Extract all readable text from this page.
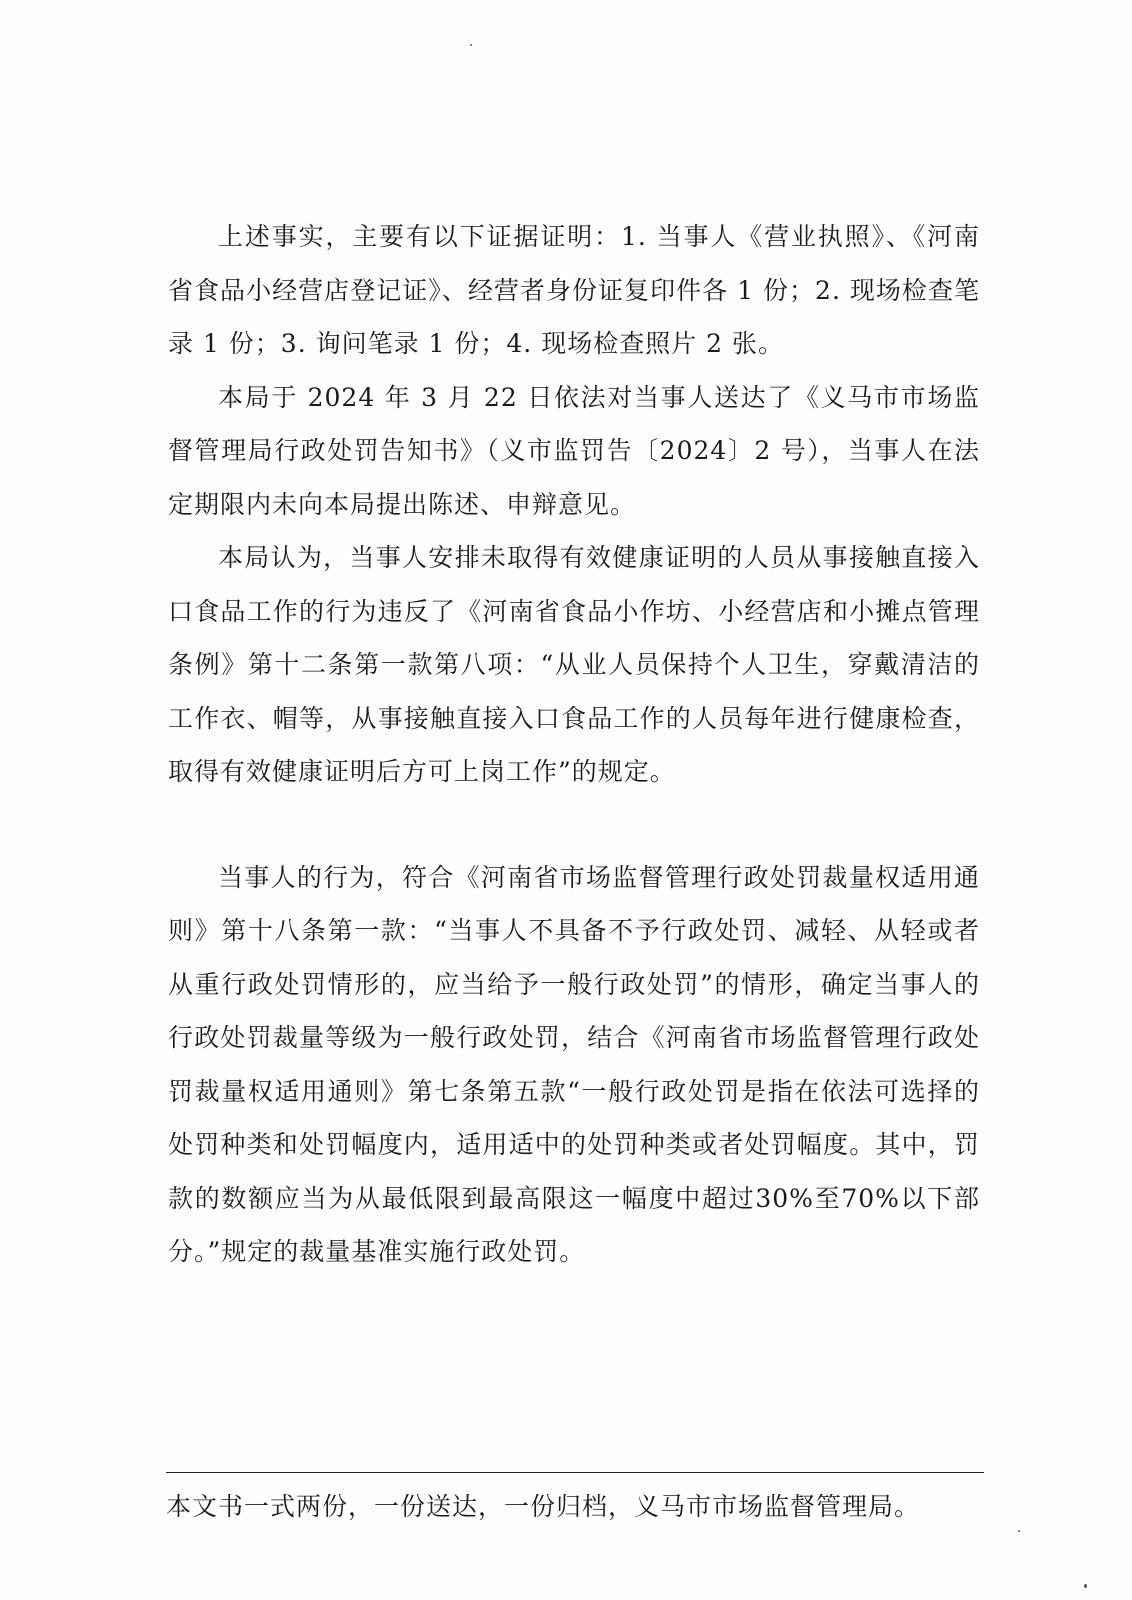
上述事实，主要有以下证据证明：1. 当事人《营业执照》、《河南省食品小经营店登记证》、经营者身份证复印件各 1 份；2. 现场检查笔录 1 份；3. 询问笔录 1 份；4. 现场检查照片 2 张。

本局于 2024 年 3 月 22 日依法对当事人送达了《义马市市场监督管理局行政处罚告知书》（义市监罚告〔2024〕2 号），当事人在法定期限内未向本局提出陈述、申辩意见。

本局认为，当事人安排未取得有效健康证明的人员从事接触直接入口食品工作的行为违反了《河南省食品小作坊、小经营店和小摊点管理条例》第十二条第一款第八项：“从业人员保持个人卫生，穿戴清洁的工作衣、帽等，从事接触直接入口食品工作的人员每年进行健康检查，取得有效健康证明后方可上岗工作”的规定。

当事人的行为，符合《河南省市场监督管理行政处罚裁量权适用通则》第十八条第一款：“当事人不具备不予行政处罚、减轻、从轻或者从重行政处罚情形的，应当给予一般行政处罚”的情形，确定当事人的行政处罚裁量等级为一般行政处罚，结合《河南省市场监督管理行政处罚裁量权适用通则》第七条第五款“一般行政处罚是指在依法可选择的处罚种类和处罚幅度内，适用适中的处罚种类或者处罚幅度。其中，罚款的数额应当为从最低限到最高限这一幅度中超过30%至70%以下部分。”规定的裁量基准实施行政处罚。

本文书一式两份，一份送达，一份归档，义马市市场监督管理局。
